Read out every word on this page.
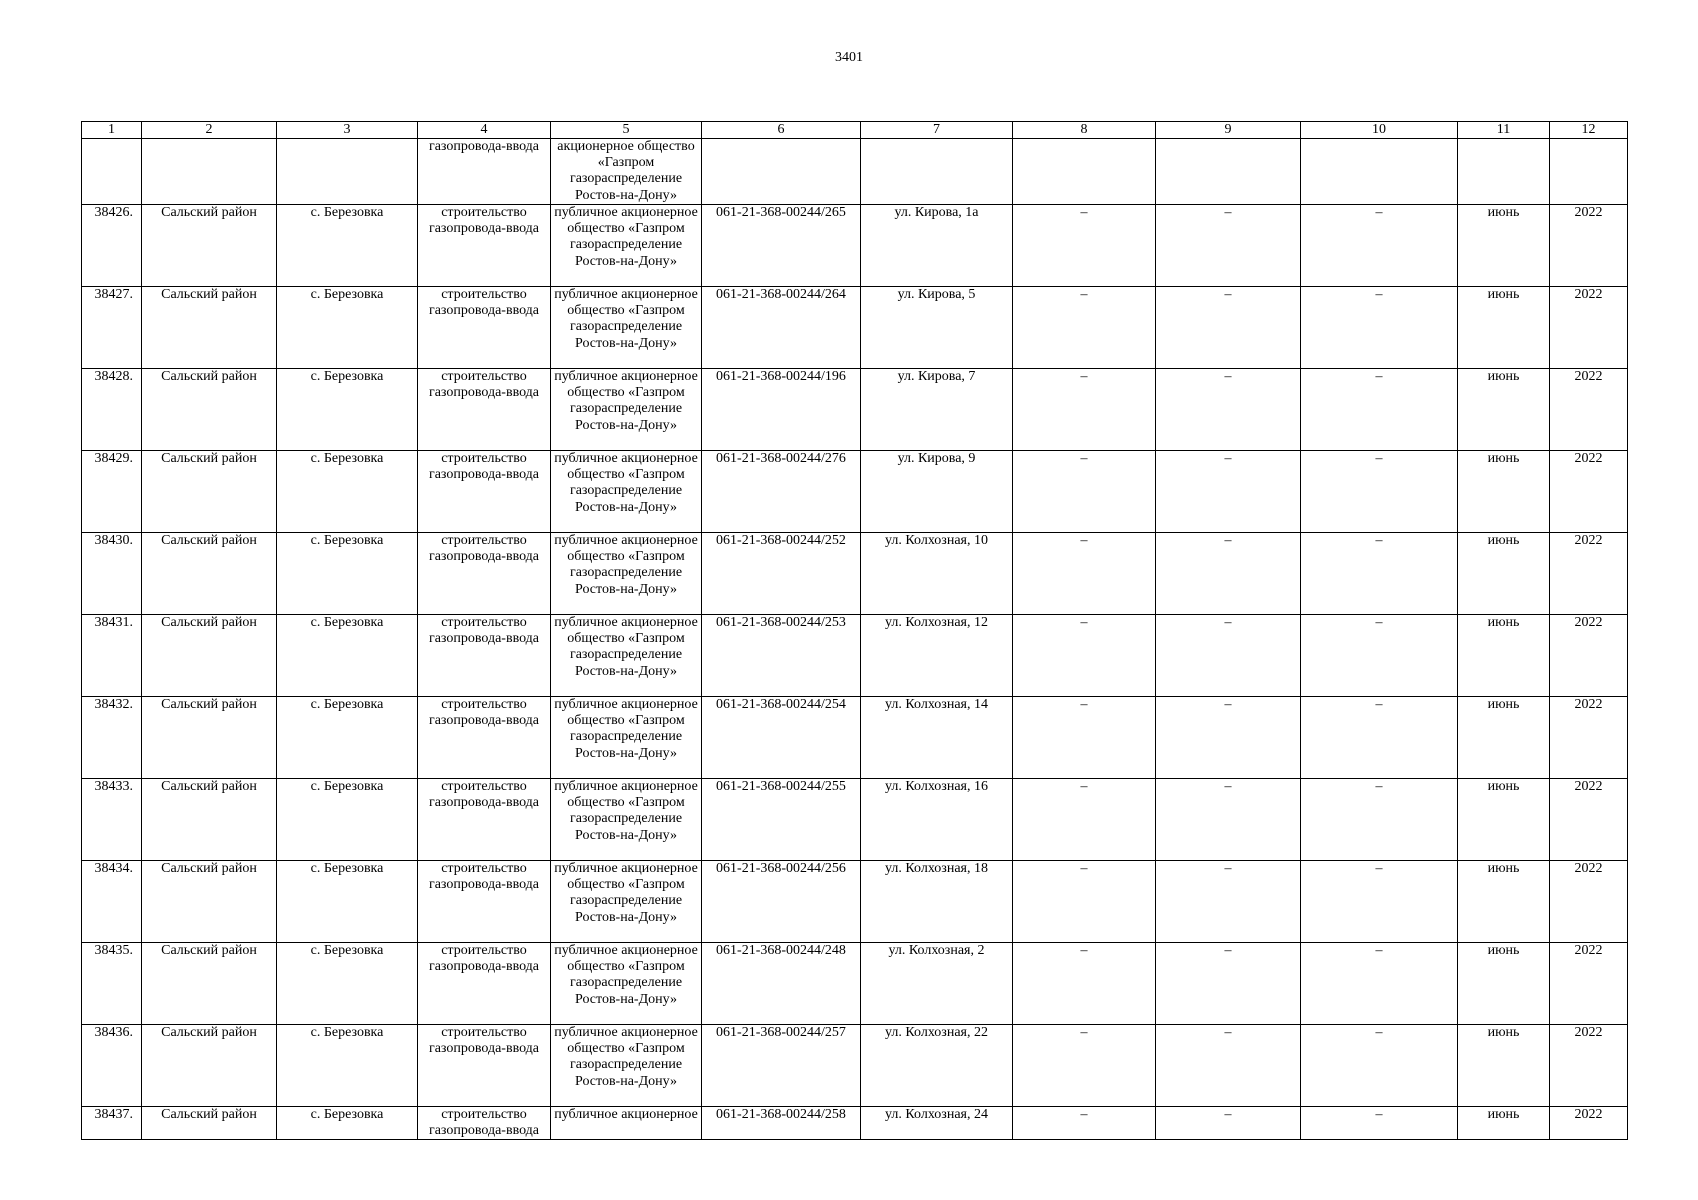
3401
1	2	3	4	5	6	7	8	9	10	11	12
			газопровода-ввода	акционерное общество «Газпром газораспределение Ростов-на-Дону»							
38426.	Сальский район	с. Березовка	строительство газопровода-ввода	публичное акционерное общество «Газпром газораспределение Ростов-на-Дону»	061-21-368-00244/265	ул. Кирова, 1а	–	–	–	июнь	2022
38427.	Сальский район	с. Березовка	строительство газопровода-ввода	публичное акционерное общество «Газпром газораспределение Ростов-на-Дону»	061-21-368-00244/264	ул. Кирова, 5	–	–	–	июнь	2022
38428.	Сальский район	с. Березовка	строительство газопровода-ввода	публичное акционерное общество «Газпром газораспределение Ростов-на-Дону»	061-21-368-00244/196	ул. Кирова, 7	–	–	–	июнь	2022
38429.	Сальский район	с. Березовка	строительство газопровода-ввода	публичное акционерное общество «Газпром газораспределение Ростов-на-Дону»	061-21-368-00244/276	ул. Кирова, 9	–	–	–	июнь	2022
38430.	Сальский район	с. Березовка	строительство газопровода-ввода	публичное акционерное общество «Газпром газораспределение Ростов-на-Дону»	061-21-368-00244/252	ул. Колхозная, 10	–	–	–	июнь	2022
38431.	Сальский район	с. Березовка	строительство газопровода-ввода	публичное акционерное общество «Газпром газораспределение Ростов-на-Дону»	061-21-368-00244/253	ул. Колхозная, 12	–	–	–	июнь	2022
38432.	Сальский район	с. Березовка	строительство газопровода-ввода	публичное акционерное общество «Газпром газораспределение Ростов-на-Дону»	061-21-368-00244/254	ул. Колхозная, 14	–	–	–	июнь	2022
38433.	Сальский район	с. Березовка	строительство газопровода-ввода	публичное акционерное общество «Газпром газораспределение Ростов-на-Дону»	061-21-368-00244/255	ул. Колхозная, 16	–	–	–	июнь	2022
38434.	Сальский район	с. Березовка	строительство газопровода-ввода	публичное акционерное общество «Газпром газораспределение Ростов-на-Дону»	061-21-368-00244/256	ул. Колхозная, 18	–	–	–	июнь	2022
38435.	Сальский район	с. Березовка	строительство газопровода-ввода	публичное акционерное общество «Газпром газораспределение Ростов-на-Дону»	061-21-368-00244/248	ул. Колхозная, 2	–	–	–	июнь	2022
38436.	Сальский район	с. Березовка	строительство газопровода-ввода	публичное акционерное общество «Газпром газораспределение Ростов-на-Дону»	061-21-368-00244/257	ул. Колхозная, 22	–	–	–	июнь	2022
38437.	Сальский район	с. Березовка	строительство газопровода-ввода	публичное акционерное	061-21-368-00244/258	ул. Колхозная, 24	–	–	–	июнь	2022
